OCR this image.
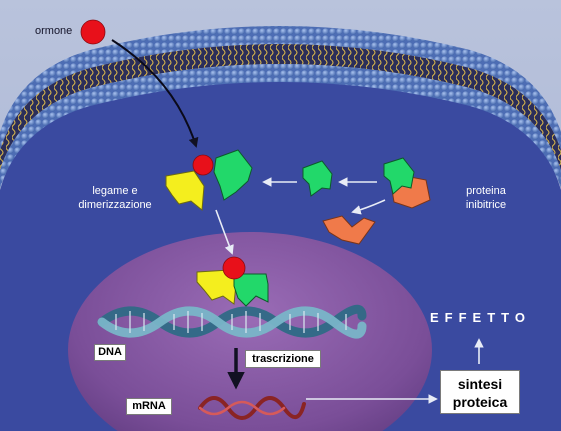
ormone
legame e
dimerizzazione
proteina
inibitrice
DNA
trascrizione
mRNA
EFFETTO
sintesi
proteica
